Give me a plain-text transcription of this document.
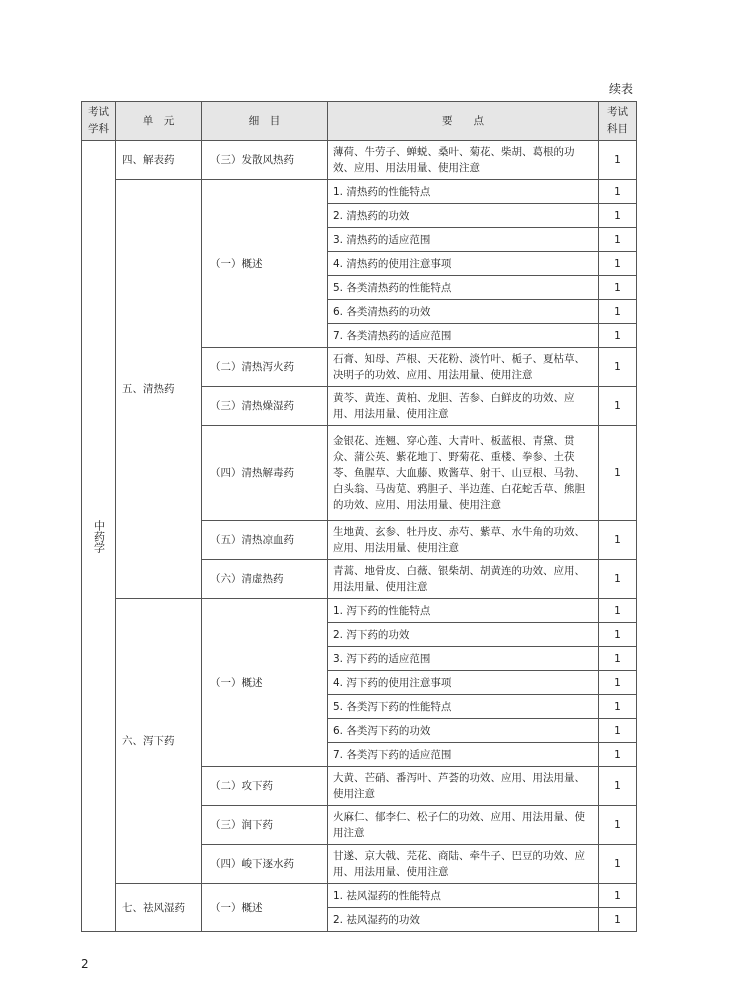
续表
考试学科	单　元	细　目	要　　点	考试科目
中药学	四、解表药	（三）发散风热药	薄荷、牛劳子、蝉蜕、桑叶、菊花、柴胡、葛根的功效、应用、用法用量、使用注意	1
	五、清热药	（一）概述	1. 清热药的性能特点	1
			2. 清热药的功效	1
			3. 清热药的适应范围	1
			4. 清热药的使用注意事项	1
			5. 各类清热药的性能特点	1
			6. 各类清热药的功效	1
			7. 各类清热药的适应范围	1
		（二）清热泻火药	石膏、知母、芦根、天花粉、淡竹叶、栀子、夏枯草、决明子的功效、应用、用法用量、使用注意	1
		（三）清热燥湿药	黄芩、黄连、黄柏、龙胆、苦参、白鲜皮的功效、应用、用法用量、使用注意	1
		（四）清热解毒药	金银花、连翘、穿心莲、大青叶、板蓝根、青黛、贯众、蒲公英、紫花地丁、野菊花、重楼、拳参、土茯苓、鱼腥草、大血藤、败酱草、射干、山豆根、马勃、白头翁、马齿苋、鸦胆子、半边莲、白花蛇舌草、熊胆的功效、应用、用法用量、使用注意	1
		（五）清热凉血药	生地黄、玄参、牡丹皮、赤芍、紫草、水牛角的功效、应用、用法用量、使用注意	1
		（六）清虚热药	青蒿、地骨皮、白薇、银柴胡、胡黄连的功效、应用、用法用量、使用注意	1
	六、泻下药	（一）概述	1. 泻下药的性能特点	1
			2. 泻下药的功效	1
			3. 泻下药的适应范围	1
			4. 泻下药的使用注意事项	1
			5. 各类泻下药的性能特点	1
			6. 各类泻下药的功效	1
			7. 各类泻下药的适应范围	1
		（二）攻下药	大黄、芒硝、番泻叶、芦荟的功效、应用、用法用量、使用注意	1
		（三）润下药	火麻仁、郁李仁、松子仁的功效、应用、用法用量、使用注意	1
		（四）峻下逐水药	甘遂、京大戟、芫花、商陆、牵牛子、巴豆的功效、应用、用法用量、使用注意	1
	七、祛风湿药	（一）概述	1. 祛风湿药的性能特点	1
			2. 祛风湿药的功效	1
2
